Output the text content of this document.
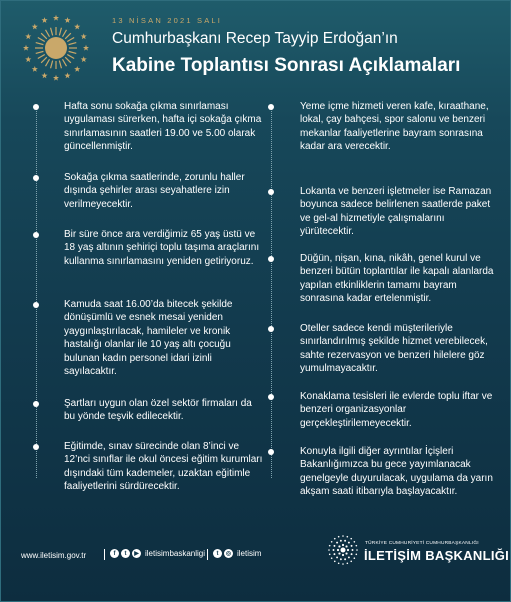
13 NİSAN 2021 SALI
Cumhurbaşkanı Recep Tayyip Erdoğan’ın
Kabine Toplantısı Sonrası Açıklamaları
Hafta sonu sokağa çıkma sınırlaması uygulaması sürerken, hafta içi sokağa çıkma sınırlamasının saatleri 19.00 ve 5.00 olarak güncellenmiştir.
Sokağa çıkma saatlerinde, zorunlu haller dışında şehirler arası seyahatlere izin verilmeyecektir.
Bir süre önce ara verdiğimiz 65 yaş üstü ve 18 yaş altının şehiriçi toplu taşıma araçlarını kullanma sınırlamasını yeniden getiriyoruz.
Kamuda saat 16.00’da bitecek şekilde dönüşümlü ve esnek mesai yeniden yaygınlaştırılacak, hamileler ve kronik hastalığı olanlar ile 10 yaş altı çocuğu bulunan kadın personel idari izinli sayılacaktır.
Şartları uygun olan özel sektör firmaları da bu yönde teşvik edilecektir.
Eğitimde, sınav sürecinde olan 8’inci ve 12’nci sınıflar ile okul öncesi eğitim kurumları dışındaki tüm kademeler, uzaktan eğitimle faaliyetlerini sürdürecektir.
Yeme içme hizmeti veren kafe, kıraathane, lokal, çay bahçesi, spor salonu ve benzeri mekanlar faaliyetlerine bayram sonrasına kadar ara verecektir.
Lokanta ve benzeri işletmeler ise Ramazan boyunca sadece belirlenen saatlerde paket ve gel-al hizmetiyle çalışmalarını yürütecektir.
Düğün, nişan, kına, nikâh, genel kurul ve benzeri bütün toplantılar ile kapalı alanlarda yapılan etkinliklerin tamamı bayram sonrasına kadar ertelenmiştir.
Oteller sadece kendi müşterileriyle sınırlandırılmış şekilde hizmet verebilecek, sahte rezervasyon ve benzeri hilelere göz yumulmayacaktır.
Konaklama tesisleri ile evlerde toplu iftar ve benzeri organizasyonlar gerçekleştirilemeyecektir.
Konuyla ilgili diğer ayrıntılar İçişleri Bakanlığımızca bu gece yayımlanacak genelgeyle duyurulacak, uygulama da yarın akşam saati itibarıyla başlayacaktır.
www.iletisim.gov.tr	f	t	▶ iletisimbaskanligi	t	◎ iletisim
TÜRKİYE CUMHURİYETİ CUMHURBAŞKANLIĞI
İLETİŞİM BAŞKANLIĞI
